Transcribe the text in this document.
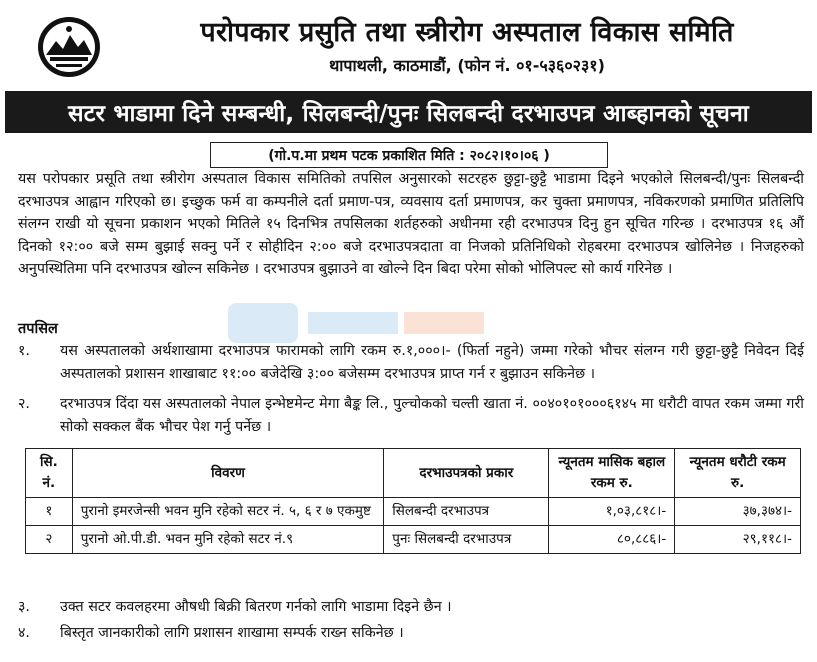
परोपकार प्रसुति तथा स्त्रीरोग अस्पताल विकास समिति
थापाथली, काठमाडौं, (फोन नं. ०१-५३६०२३१)
सटर भाडामा दिने सम्बन्धी, सिलबन्दी/पुनः सिलबन्दी दरभाउपत्र आब्हानको सूचना
(गो.प.मा प्रथम पटक प्रकाशित मिति : २०८२।१०।०६ )
यस परोपकार प्रसूति तथा स्त्रीरोग अस्पताल विकास समितिको तपसिल अनुसारको सटरहरु छुट्टा-छुट्टै भाडामा दिइने भएकोले सिलबन्दी/पुनः सिलबन्दी दरभाउपत्र आह्वान गरिएको छ। इच्छुक फर्म वा कम्पनीले दर्ता प्रमाण-पत्र, व्यवसाय दर्ता प्रमाणपत्र, कर चुक्ता प्रमाणपत्र, नविकरणको प्रमाणित प्रतिलिपि संलग्न राखी यो सूचना प्रकाशन भएको मितिले १५ दिनभित्र तपसिलका शर्तहरुको अधीनमा रही दरभाउपत्र दिनु हुन सूचित गरिन्छ । दरभाउपत्र १६ औं दिनको १२:०० बजे सम्म बुझाई सक्नु पर्ने र सोहीदिन २:०० बजे दरभाउपत्रदाता वा निजको प्रतिनिधिको रोहबरमा दरभाउपत्र खोलिनेछ । निजहरुको अनुपस्थितिमा पनि दरभाउपत्र खोल्न सकिनेछ । दरभाउपत्र बुझाउने वा खोल्ने दिन बिदा परेमा सोको भोलिपल्ट सो कार्य गरिनेछ ।
तपसिल
१.	यस अस्पतालको अर्थशाखामा दरभाउपत्र फारामको लागि रकम रु.१,०००।- (फिर्ता नहुने) जम्मा गरेको भौचर संलग्न गरी छुट्टा-छुट्टै निवेदन दिई अस्पतालको प्रशासन शाखाबाट ११:०० बजेदेखि ३:०० बजेसम्म दरभाउपत्र प्राप्त गर्न र बुझाउन सकिनेछ ।
२.	दरभाउपत्र दिंदा यस अस्पतालको नेपाल इन्भेष्टमेन्ट मेगा बैङ्क लि., पुल्चोकको चल्ती खाता नं. ००४०१०१०००६१४५ मा धरौटी वापत रकम जम्मा गरी सोको सक्कल बैंक भौचर पेश गर्नु पर्नेछ ।
सि. नं.	विवरण	दरभाउपत्रको प्रकार	न्यूनतम मासिक बहाल रकम रु.	न्यूनतम धरौटी रकम रु.
१	पुरानो इमरजेन्सी भवन मुनि रहेको सटर नं. ५, ६ र ७ एकमुष्ट	सिलबन्दी दरभाउपत्र	१,०३,८१८।-	३७,३७४।-
२	पुरानो ओ.पी.डी. भवन मुनि रहेको सटर नं.९	पुनः सिलबन्दी दरभाउपत्र	८०,८८६।-	२९,११८।-
३.	उक्त सटर कवलहरमा औषधी बिक्री बितरण गर्नको लागि भाडामा दिइने छैन ।
४.	बिस्तृत जानकारीको लागि प्रशासन शाखामा सम्पर्क राख्न सकिनेछ ।
